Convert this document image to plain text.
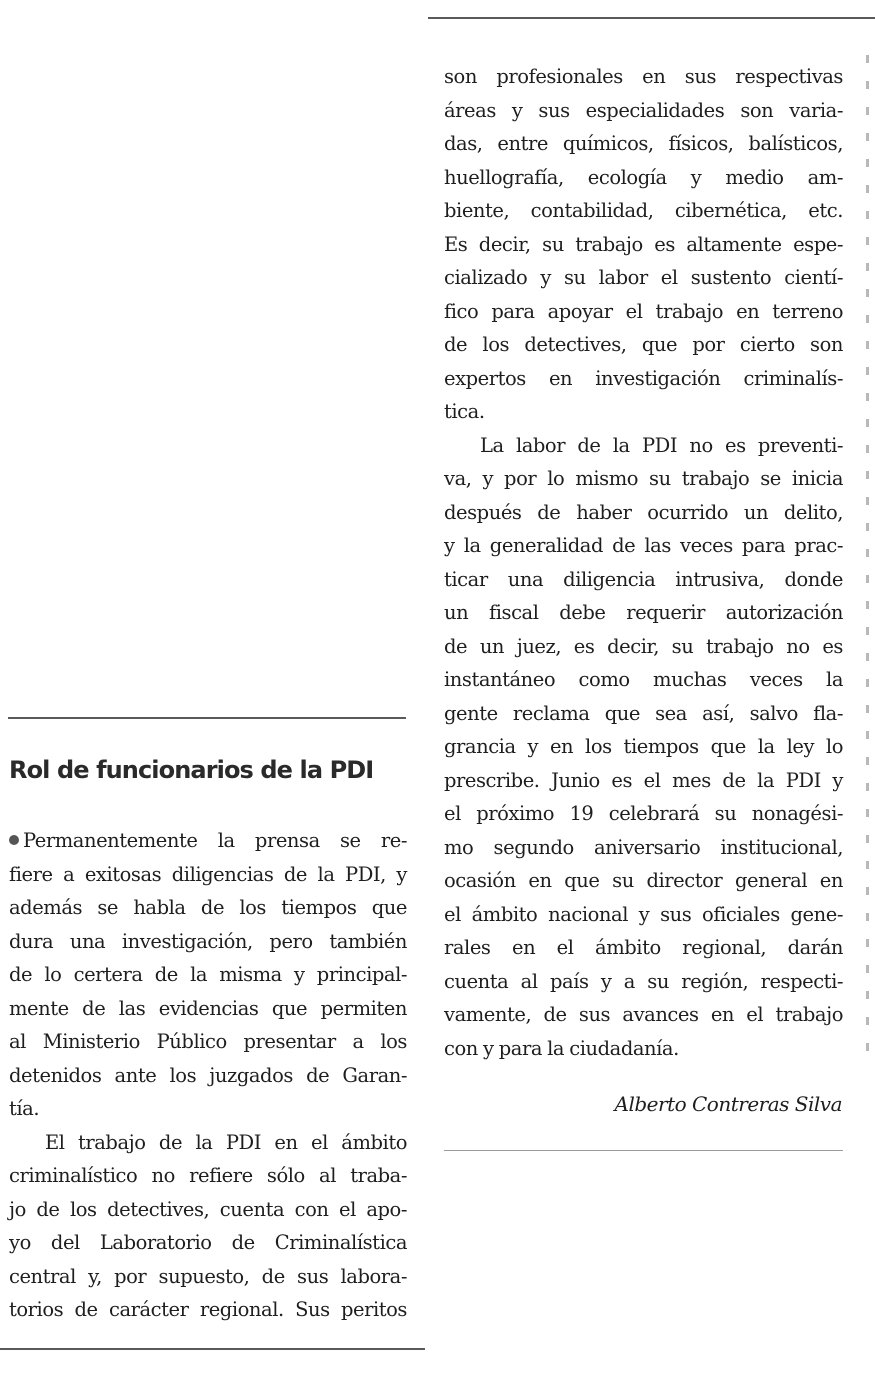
son profesionales en sus respectivas
áreas y sus especialidades son varia-
das, entre químicos, físicos, balísticos,
huellografía, ecología y medio am-
biente, contabilidad, cibernética, etc.
Es decir, su trabajo es altamente espe-
cializado y su labor el sustento cientí-
fico para apoyar el trabajo en terreno
de los detectives, que por cierto son
expertos en investigación criminalís-
tica.
La labor de la PDI no es preventi-
va, y por lo mismo su trabajo se inicia
después de haber ocurrido un delito,
y la generalidad de las veces para prac-
ticar una diligencia intrusiva, donde
un fiscal debe requerir autorización
de un juez, es decir, su trabajo no es
instantáneo como muchas veces la
gente reclama que sea así, salvo fla-
grancia y en los tiempos que la ley lo
prescribe. Junio es el mes de la PDI y
el próximo 19 celebrará su nonagési-
mo segundo aniversario institucional,
ocasión en que su director general en
el ámbito nacional y sus oficiales gene-
rales en el ámbito regional, darán
cuenta al país y a su región, respecti-
vamente, de sus avances en el trabajo
con y para la ciudadanía.
Alberto Contreras Silva
Rol de funcionarios de la PDI
Permanentemente la prensa se re-
fiere a exitosas diligencias de la PDI, y
además se habla de los tiempos que
dura una investigación, pero también
de lo certera de la misma y principal-
mente de las evidencias que permiten
al Ministerio Público presentar a los
detenidos ante los juzgados de Garan-
tía.
El trabajo de la PDI en el ámbito
criminalístico no refiere sólo al traba-
jo de los detectives, cuenta con el apo-
yo del Laboratorio de Criminalística
central y, por supuesto, de sus labora-
torios de carácter regional. Sus peritos
